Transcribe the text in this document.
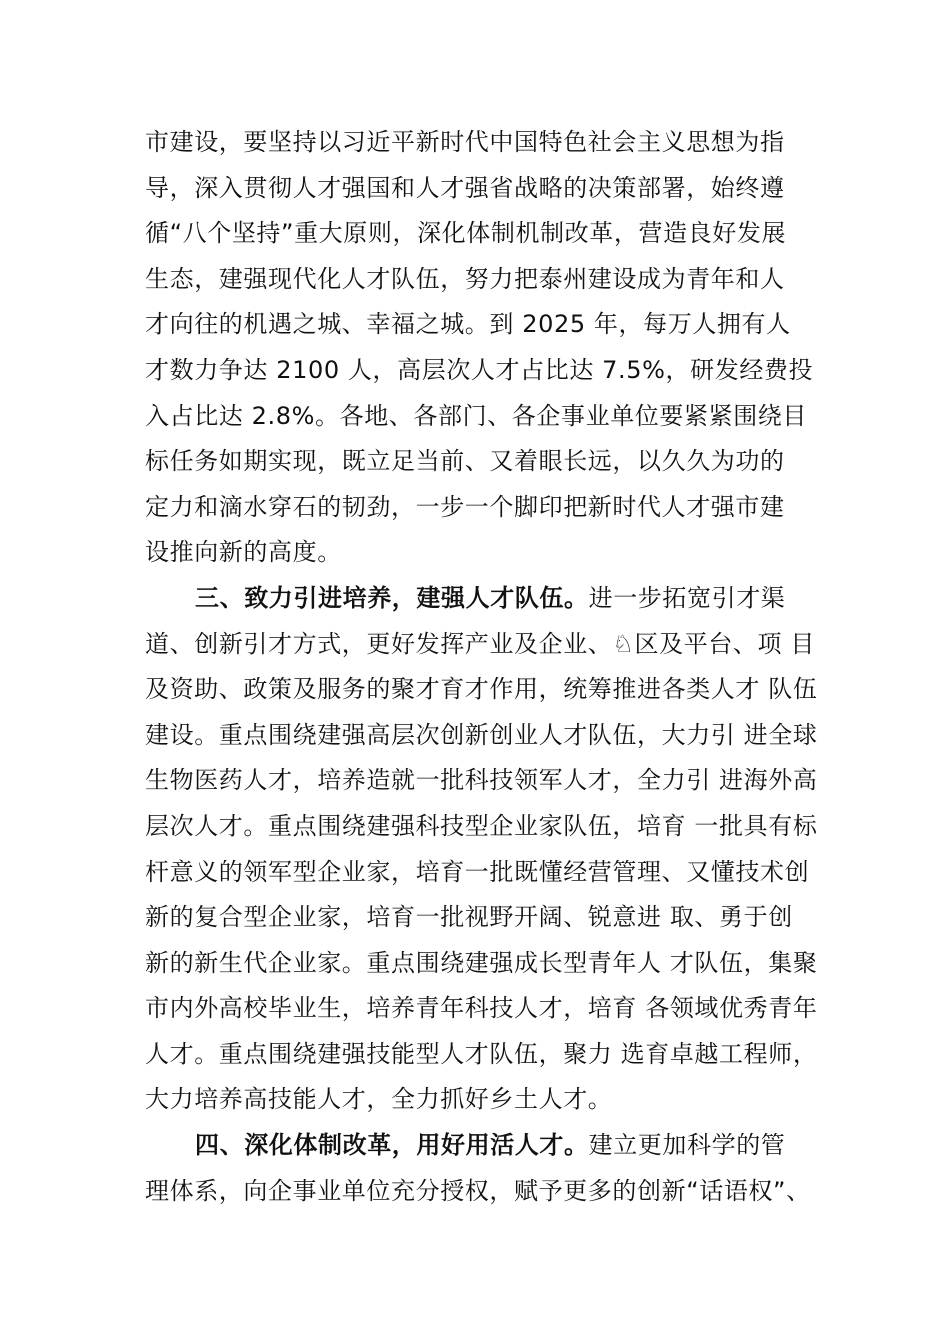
市建设，要坚持以习近平新时代中国特色社会主义思想为指
导，深入贯彻人才强国和人才强省战略的决策部署，始终遵
循“八个坚持”重大原则，深化体制机制改革，营造良好发展
生态，建强现代化人才队伍，努力把泰州建设成为青年和人
才向往的机遇之城、幸福之城。到 2025 年，每万人拥有人
才数力争达 2100 人，高层次人才占比达 7.5%，研发经费投
入占比达 2.8%。各地、各部门、各企事业单位要紧紧围绕目
标任务如期实现，既立足当前、又着眼长远，以久久为功的
定力和滴水穿石的韧劲，一步一个脚印把新时代人才强市建
设推向新的高度。
三、致力引进培养，建强人才队伍。进一步拓宽引才渠
道、创新引才方式，更好发挥产业及企业、♘区及平台、项 目
及资助、政策及服务的聚才育才作用，统筹推进各类人才 队伍
建设。重点围绕建强高层次创新创业人才队伍，大力引 进全球
生物医药人才，培养造就一批科技领军人才，全力引 进海外高
层次人才。重点围绕建强科技型企业家队伍，培育 一批具有标
杆意义的领军型企业家，培育一批既懂经营管理、又懂技术创
新的复合型企业家，培育一批视野开阔、锐意进 取、勇于创
新的新生代企业家。重点围绕建强成长型青年人 才队伍，集聚
市内外高校毕业生，培养青年科技人才，培育 各领域优秀青年
人才。重点围绕建强技能型人才队伍，聚力 选育卓越工程师，
大力培养高技能人才，全力抓好乡土人才。
四、深化体制改革，用好用活人才。建立更加科学的管
理体系，向企事业单位充分授权，赋予更多的创新“话语权”、
